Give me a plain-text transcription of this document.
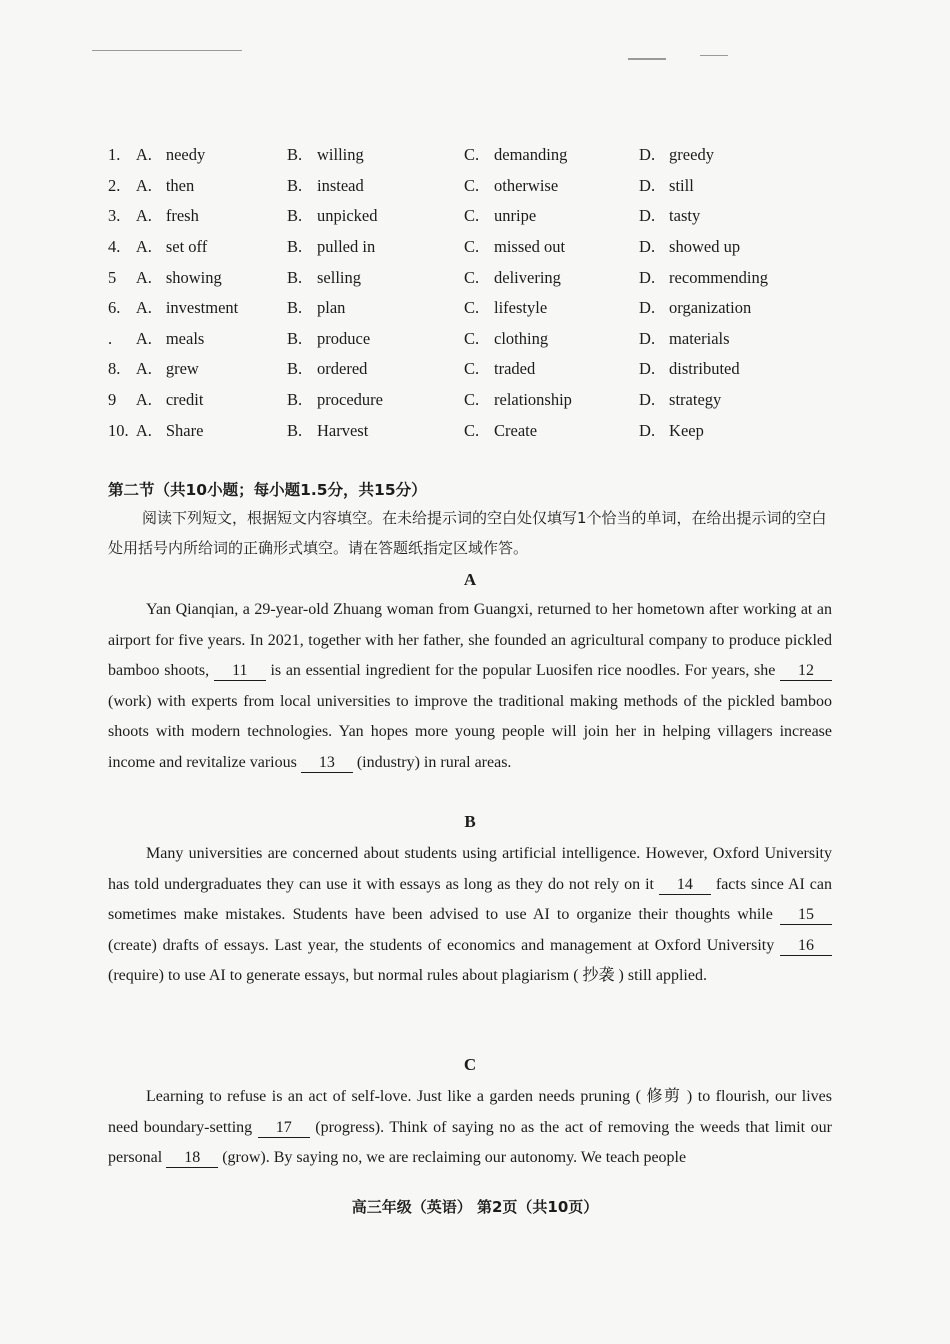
1. A. needy	B. willing	C. demanding	D. greedy
2. A. then	B. instead	C. otherwise	D. still
3. A. fresh	B. unpicked	C. unripe	D. tasty
4. A. set off	B. pulled in	C. missed out	D. showed up
5	A. showing	B. selling	C. delivering	D. recommending
6. A. investment	B. plan	C. lifestyle	D. organization
.	A. meals	B. produce	C. clothing	D. materials
8. A. grew	B. ordered	C. traded	D. distributed
9	A. credit	B. procedure	C. relationship	D. strategy
10. A. Share	B. Harvest	C. Create	D. Keep
第二节（共10小题；每小题1.5分，共15分）
阅读下列短文，根据短文内容填空。在未给提示词的空白处仅填写1个恰当的单词，在给出提示词的空白处用括号内所给词的正确形式填空。请在答题纸指定区域作答。
A
Yan Qianqian, a 29-year-old Zhuang woman from Guangxi, returned to her hometown after working at an airport for five years. In 2021, together with her father, she founded an agricultural company to produce pickled bamboo shoots, 11 is an essential ingredient for the popular Luosifen rice noodles. For years, she 12 (work) with experts from local universities to improve the traditional making methods of the pickled bamboo shoots with modern technologies. Yan hopes more young people will join her in helping villagers increase income and revitalize various 13 (industry) in rural areas.
B
Many universities are concerned about students using artificial intelligence. However, Oxford University has told undergraduates they can use it with essays as long as they do not rely on it 14 facts since AI can sometimes make mistakes. Students have been advised to use AI to organize their thoughts while 15 (create) drafts of essays. Last year, the students of economics and management at Oxford University 16 (require) to use AI to generate essays, but normal rules about plagiarism ( 抄袭 ) still applied.
C
Learning to refuse is an act of self-love. Just like a garden needs pruning ( 修剪 ) to flourish, our lives need boundary-setting 17 (progress). Think of saying no as the act of removing the weeds that limit our personal 18 (grow). By saying no, we are reclaiming our autonomy. We teach people
高三年级（英语） 第2页（共10页）
